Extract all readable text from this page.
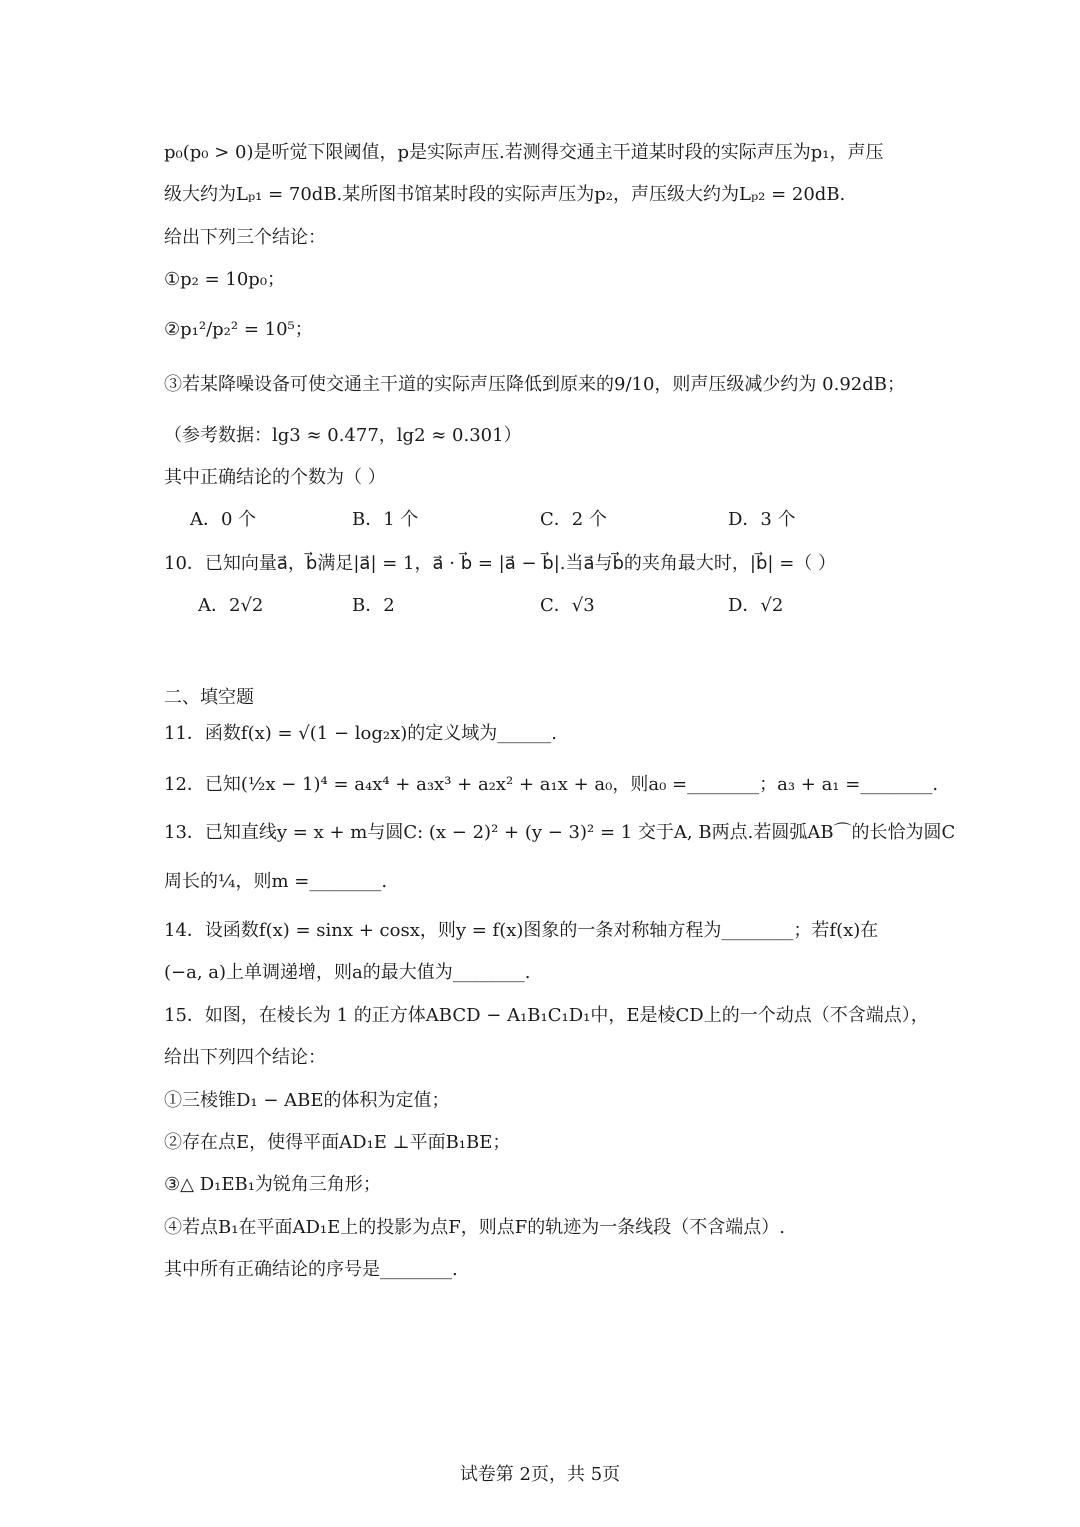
p₀(p₀ > 0)是听觉下限阈值，p是实际声压.若测得交通主干道某时段的实际声压为p₁，声压
级大约为Lₚ₁ = 70dB.某所图书馆某时段的实际声压为p₂，声压级大约为Lₚ₂ = 20dB.
给出下列三个结论：
①p₂ = 10p₀；
②p₁²/p₂² = 10⁵；
③若某降噪设备可使交通主干道的实际声压降低到原来的9/10，则声压级减少约为 0.92dB；
（参考数据：lg3 ≈ 0.477，lg2 ≈ 0.301）
其中正确结论的个数为（ ）
A．0 个	B．1 个	C．2 个	D．3 个
10．已知向量a⃗，b⃗满足|a⃗| = 1，a⃗ · b⃗ = |a⃗ − b⃗|.当a⃗与b⃗的夹角最大时，|b⃗| =（ ）
A．2√2	B．2	C．√3	D．√2
二、填空题
11．函数f(x) = √(1 − log₂x)的定义域为______.
12．已知(½x − 1)⁴ = a₄x⁴ + a₃x³ + a₂x² + a₁x + a₀，则a₀ =________；a₃ + a₁ =________.
13．已知直线y = x + m与圆C: (x − 2)² + (y − 3)² = 1 交于A, B两点.若圆弧AB⌒的长恰为圆C
周长的¼，则m =________.
14．设函数f(x) = sinx + cosx，则y = f(x)图象的一条对称轴方程为________；若f(x)在
(−a, a)上单调递增，则a的最大值为________.
15．如图，在棱长为 1 的正方体ABCD − A₁B₁C₁D₁中，E是棱CD上的一个动点（不含端点），
给出下列四个结论：
①三棱锥D₁ − ABE的体积为定值；
②存在点E，使得平面AD₁E ⊥平面B₁BE；
③△ D₁EB₁为锐角三角形；
④若点B₁在平面AD₁E上的投影为点F，则点F的轨迹为一条线段（不含端点）.
其中所有正确结论的序号是________.
试卷第 2页，共 5页
